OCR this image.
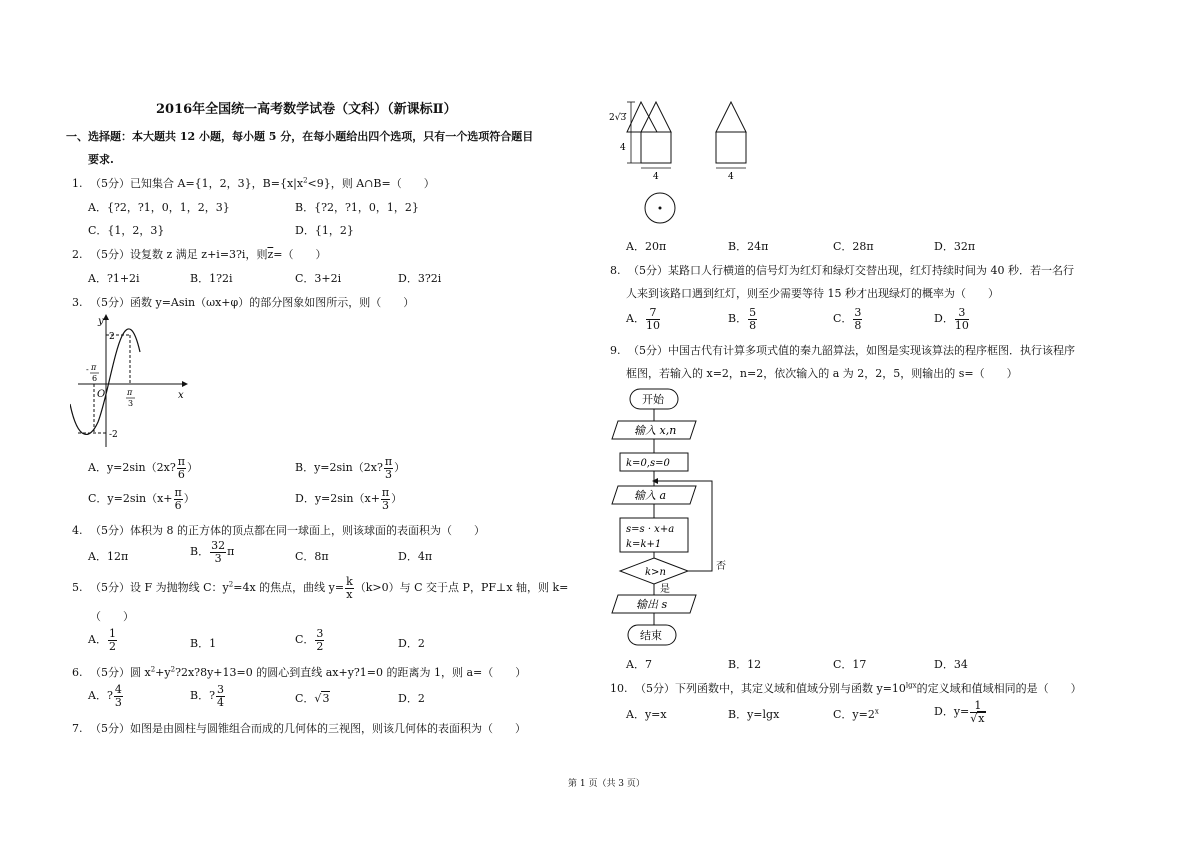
2016年全国统一高考数学试卷（文科）（新课标Ⅱ）
一、选择题：本大题共 12 小题，每小题 5 分，在每小题给出四个选项，只有一个选项符合题目
要求.
1. （5分）已知集合 A={1，2，3}，$B=\{x|x^2<9\}$，则 A∩B=（　　）
A．{?2，?1，0，1，2，3}	B．{?2，?1，0，1，2}
C．{1，2，3}	D．{1，2}
2. （5分）设复数 z 满足 z+i=3?i，则$\overline{z}=$（　　）
A．?1+2i	B．1?2i	C．3+2i	D．3?2i
3. （5分）函数 y=Asin（ωx+φ）的部分图象如图所示，则（　　）
y
x
O
2
-2
- π
6
π
3
A．y=2sin（2x? $\frac{\pi}{6}$ ）	B．y=2sin（2x? $\frac{\pi}{3}$ ）
C．$y=2\sin(x+ \frac{\pi}{6}$ ）	D．$y=2\sin(x+ \frac{\pi}{3}$ ）
4. （5分）体积为 8 的正方体的顶点都在同一球面上，则该球面的表面积为（　　）
A．12π	B． $\frac{32}{3}$ π	C．8π	D．4π
5. （5分）设 F 为抛物线 C：$y^2=4x$ 的焦点，曲线 $y= \frac{k}{x} (k>0)$与 C 交于点 P，PF⊥x 轴，则 k=
（　　）
A． $\frac{1}{2}$	B．1	C． $\frac{3}{2}$	D．2
6. （5分）圆 $x^2+y^2?2x?8y+13=0$ 的圆心到直线 ax+y?1=0 的距离为 1，则 a=（　　）
A．? $\frac{4}{3}$	B．? $\frac{3}{4}$	C．√3	D．2
7. （5分）如图是由圆柱与圆锥组合而成的几何体的三视图，则该几何体的表面积为（　　）
2√3
4
4	4
A．20π	B．24π	C．28π	D．32π
8. （5分）某路口人行横道的信号灯为红灯和绿灯交替出现，红灯持续时间为 40 秒．若一名行
人来到该路口遇到红灯，则至少需要等待 15 秒才出现绿灯的概率为（　　）
A． $\frac{7}{10}$	B． $\frac{5}{8}$	C． $\frac{3}{8}$	D． $\frac{3}{10}$
9. （5分）中国古代有计算多项式值的秦九韶算法，如图是实现该算法的程序框图．执行该程序
框图，若输入的 x=2，n=2，依次输入的 a 为 2，2，5，则输出的 s=（　　）
开始
输入 x,n
k=0,s=0
输入 a
s=s · x+a
k=k+1
k>n
否
是
输出 s
结束
A．7	B．12	C．17	D．34
10. （5分）下列函数中，其定义域和值域分别与函数 $y=10^{lgx}$的定义域和值域相同的是（　　）
A．y=x	B．y=lgx	C．$y=2^x$	D．$y= \frac{1}{√x}$
第 1 页（共 3 页）
